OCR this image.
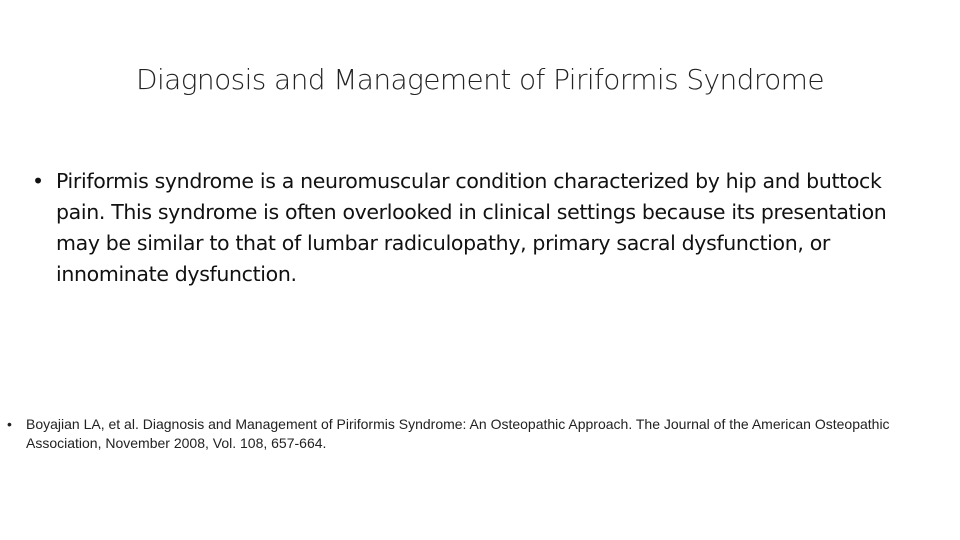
Diagnosis and Management of Piriformis Syndrome
• Piriformis syndrome is a neuromuscular condition characterized by hip and buttock pain. This syndrome is often overlooked in clinical settings because its presentation may be similar to that of lumbar radiculopathy, primary sacral dysfunction, or innominate dysfunction.
• Boyajian LA, et al. Diagnosis and Management of Piriformis Syndrome: An Osteopathic Approach. The Journal of the American Osteopathic Association, November 2008, Vol. 108, 657-664.
